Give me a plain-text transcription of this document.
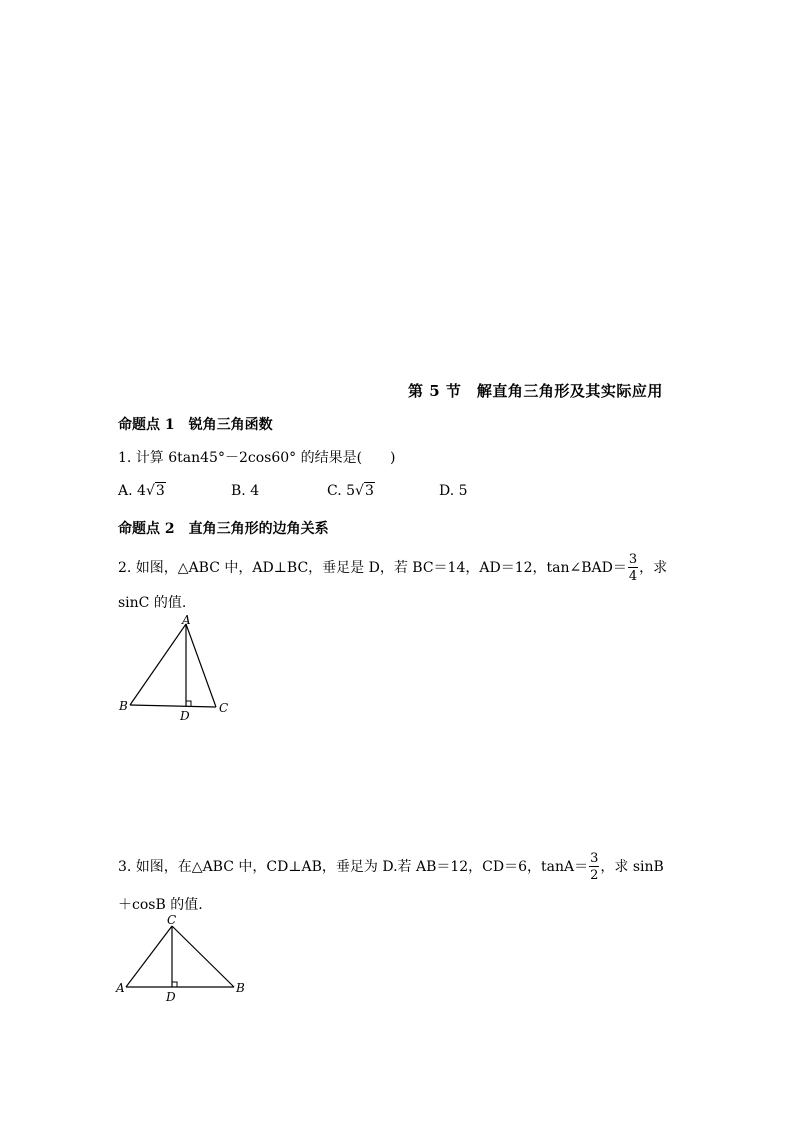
第 5 节　解直角三角形及其实际应用
命题点 1　锐角三角函数
1. 计算 6tan45°－2cos60° 的结果是(　　)
A. 4√3	B. 4	C. 5√3	D. 5
命题点 2　直角三角形的边角关系
2. 如图，△ABC 中，AD⊥BC，垂足是 D，若 BC＝14，AD＝12，tan∠BAD＝ $\frac{3}{4}$ ，求
sinC 的值.
A
B	C
D
3. 如图，在△ABC 中，CD⊥AB，垂足为 D.若 AB＝12，CD＝6，$\tan A= \frac{3}{2}$ ，求 sinB
＋cosB 的值.
C
A	B
D
